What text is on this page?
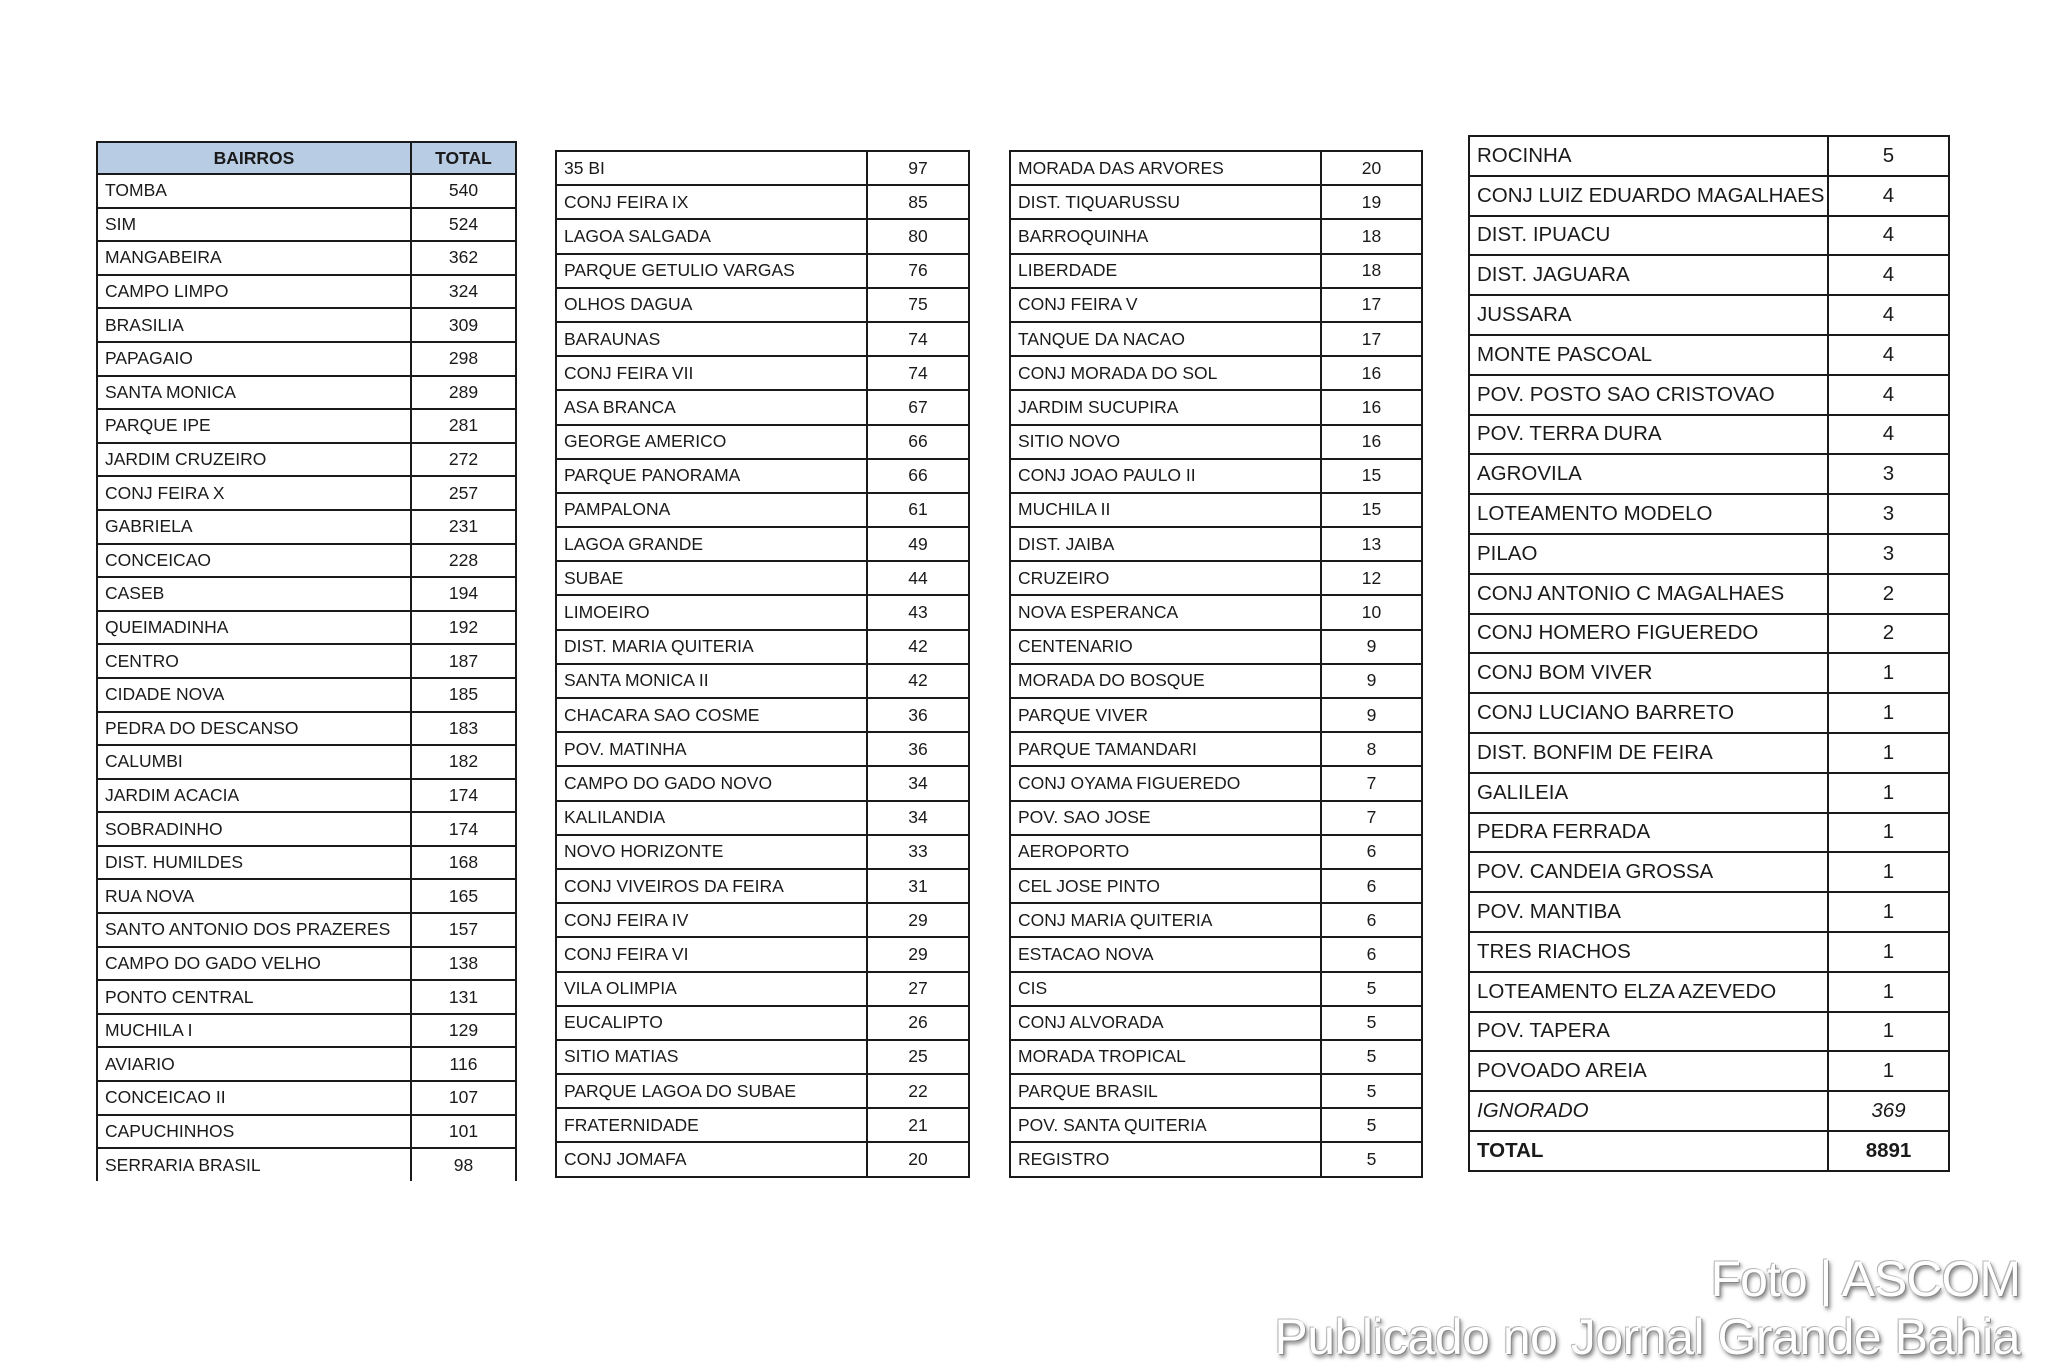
BAIRROS	TOTAL
TOMBA	540
SIM	524
MANGABEIRA	362
CAMPO LIMPO	324
BRASILIA	309
PAPAGAIO	298
SANTA MONICA	289
PARQUE IPE	281
JARDIM CRUZEIRO	272
CONJ FEIRA X	257
GABRIELA	231
CONCEICAO	228
CASEB	194
QUEIMADINHA	192
CENTRO	187
CIDADE NOVA	185
PEDRA DO DESCANSO	183
CALUMBI	182
JARDIM ACACIA	174
SOBRADINHO	174
DIST. HUMILDES	168
RUA NOVA	165
SANTO ANTONIO DOS PRAZERES	157
CAMPO DO GADO VELHO	138
PONTO CENTRAL	131
MUCHILA I	129
AVIARIO	116
CONCEICAO II	107
CAPUCHINHOS	101
SERRARIA BRASIL	98
35 BI	97
CONJ FEIRA IX	85
LAGOA SALGADA	80
PARQUE GETULIO VARGAS	76
OLHOS DAGUA	75
BARAUNAS	74
CONJ FEIRA VII	74
ASA BRANCA	67
GEORGE AMERICO	66
PARQUE PANORAMA	66
PAMPALONA	61
LAGOA GRANDE	49
SUBAE	44
LIMOEIRO	43
DIST. MARIA QUITERIA	42
SANTA MONICA II	42
CHACARA SAO COSME	36
POV. MATINHA	36
CAMPO DO GADO NOVO	34
KALILANDIA	34
NOVO HORIZONTE	33
CONJ VIVEIROS DA FEIRA	31
CONJ FEIRA IV	29
CONJ FEIRA VI	29
VILA OLIMPIA	27
EUCALIPTO	26
SITIO MATIAS	25
PARQUE LAGOA DO SUBAE	22
FRATERNIDADE	21
CONJ JOMAFA	20
MORADA DAS ARVORES	20
DIST. TIQUARUSSU	19
BARROQUINHA	18
LIBERDADE	18
CONJ FEIRA V	17
TANQUE DA NACAO	17
CONJ MORADA DO SOL	16
JARDIM SUCUPIRA	16
SITIO NOVO	16
CONJ JOAO PAULO II	15
MUCHILA II	15
DIST. JAIBA	13
CRUZEIRO	12
NOVA ESPERANCA	10
CENTENARIO	9
MORADA DO BOSQUE	9
PARQUE VIVER	9
PARQUE TAMANDARI	8
CONJ OYAMA FIGUEREDO	7
POV. SAO JOSE	7
AEROPORTO	6
CEL JOSE PINTO	6
CONJ MARIA QUITERIA	6
ESTACAO NOVA	6
CIS	5
CONJ ALVORADA	5
MORADA TROPICAL	5
PARQUE BRASIL	5
POV. SANTA QUITERIA	5
REGISTRO	5
ROCINHA	5
CONJ LUIZ EDUARDO MAGALHAES	4
DIST. IPUACU	4
DIST. JAGUARA	4
JUSSARA	4
MONTE PASCOAL	4
POV. POSTO SAO CRISTOVAO	4
POV. TERRA DURA	4
AGROVILA	3
LOTEAMENTO MODELO	3
PILAO	3
CONJ ANTONIO C MAGALHAES	2
CONJ HOMERO FIGUEREDO	2
CONJ BOM VIVER	1
CONJ LUCIANO BARRETO	1
DIST. BONFIM DE FEIRA	1
GALILEIA	1
PEDRA FERRADA	1
POV. CANDEIA GROSSA	1
POV. MANTIBA	1
TRES RIACHOS	1
LOTEAMENTO ELZA AZEVEDO	1
POV. TAPERA	1
POVOADO AREIA	1
IGNORADO	369
TOTAL	8891
Foto | ASCOM
Publicado no Jornal Grande Bahia
